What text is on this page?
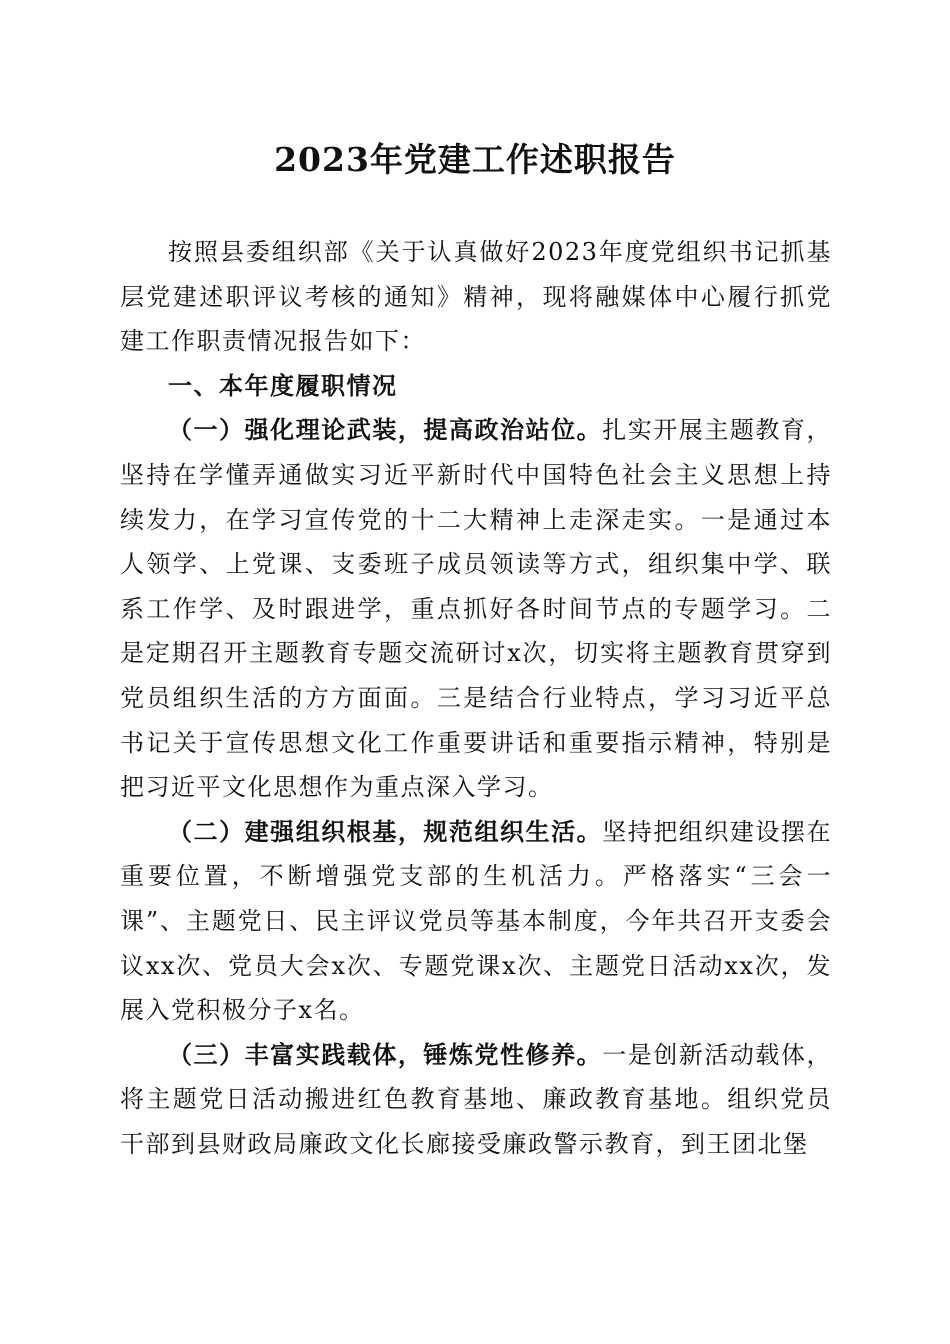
2023年党建工作述职报告

按照县委组织部《关于认真做好2023年度党组织书记抓基层党建述职评议考核的通知》精神，现将融媒体中心履行抓党建工作职责情况报告如下：

一、本年度履职情况

（一）强化理论武装，提高政治站位。扎实开展主题教育，坚持在学懂弄通做实习近平新时代中国特色社会主义思想上持续发力，在学习宣传党的十二大精神上走深走实。一是通过本人领学、上党课、支委班子成员领读等方式，组织集中学、联系工作学、及时跟进学，重点抓好各时间节点的专题学习。二是定期召开主题教育专题交流研讨x次，切实将主题教育贯穿到党员组织生活的方方面面。三是结合行业特点，学习习近平总书记关于宣传思想文化工作重要讲话和重要指示精神，特别是把习近平文化思想作为重点深入学习。

（二）建强组织根基，规范组织生活。坚持把组织建设摆在重要位置，不断增强党支部的生机活力。严格落实“三会一课”、主题党日、民主评议党员等基本制度，今年共召开支委会议xx次、党员大会x次、专题党课x次、主题党日活动xx次，发展入党积极分子x名。

（三）丰富实践载体，锤炼党性修养。一是创新活动载体，将主题党日活动搬进红色教育基地、廉政教育基地。组织党员干部到县财政局廉政文化长廊接受廉政警示教育，到王团北堡
